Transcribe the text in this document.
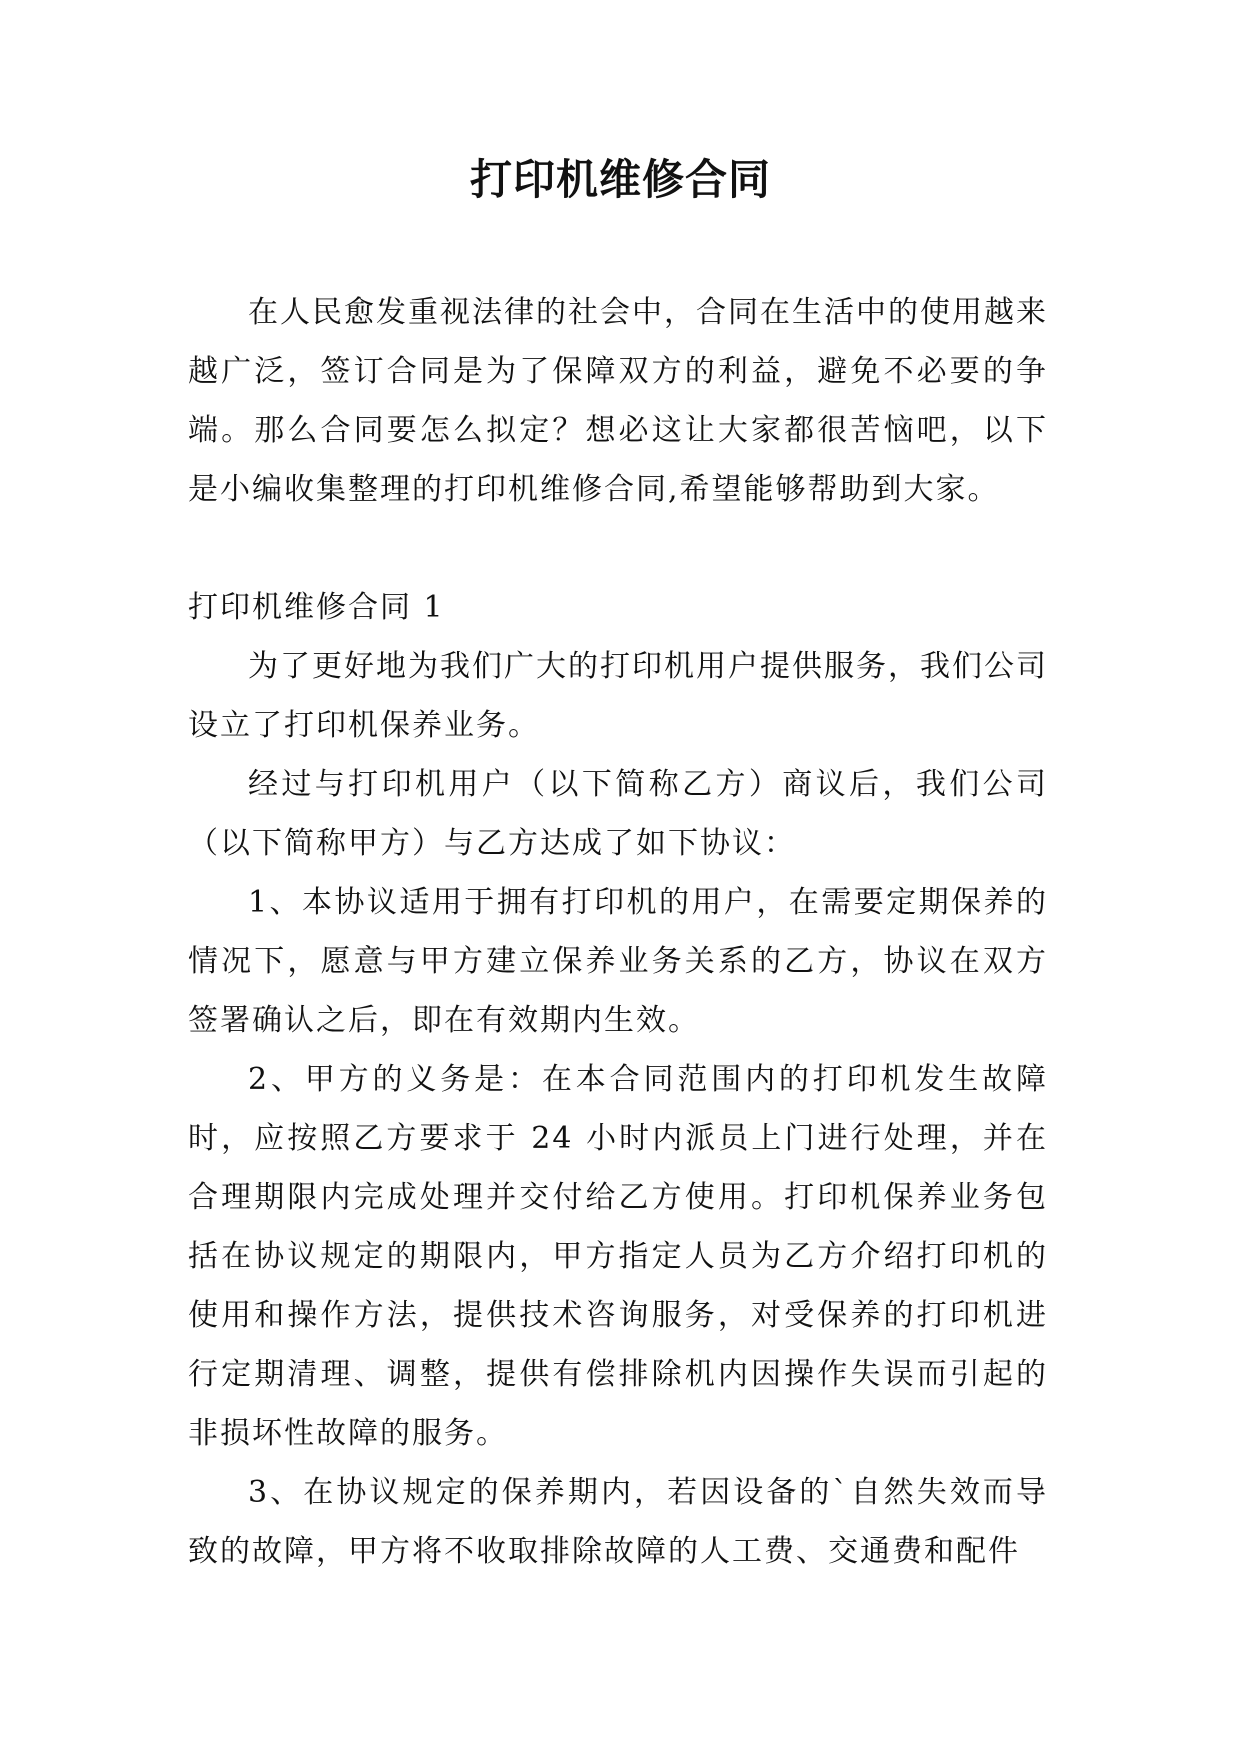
打印机维修合同

在人民愈发重视法律的社会中，合同在生活中的使用越来越广泛，签订合同是为了保障双方的利益，避免不必要的争端。那么合同要怎么拟定？想必这让大家都很苦恼吧，以下是小编收集整理的打印机维修合同,希望能够帮助到大家。

打印机维修合同 1

为了更好地为我们广大的打印机用户提供服务，我们公司设立了打印机保养业务。

经过与打印机用户（以下简称乙方）商议后，我们公司（以下简称甲方）与乙方达成了如下协议：

1、本协议适用于拥有打印机的用户，在需要定期保养的情况下，愿意与甲方建立保养业务关系的乙方，协议在双方签署确认之后，即在有效期内生效。

2、甲方的义务是：在本合同范围内的打印机发生故障时，应按照乙方要求于 24 小时内派员上门进行处理，并在合理期限内完成处理并交付给乙方使用。打印机保养业务包括在协议规定的期限内，甲方指定人员为乙方介绍打印机的使用和操作方法，提供技术咨询服务，对受保养的打印机进行定期清理、调整，提供有偿排除机内因操作失误而引起的非损坏性故障的服务。

3、在协议规定的保养期内，若因设备的`自然失效而导致的故障，甲方将不收取排除故障的人工费、交通费和配件
